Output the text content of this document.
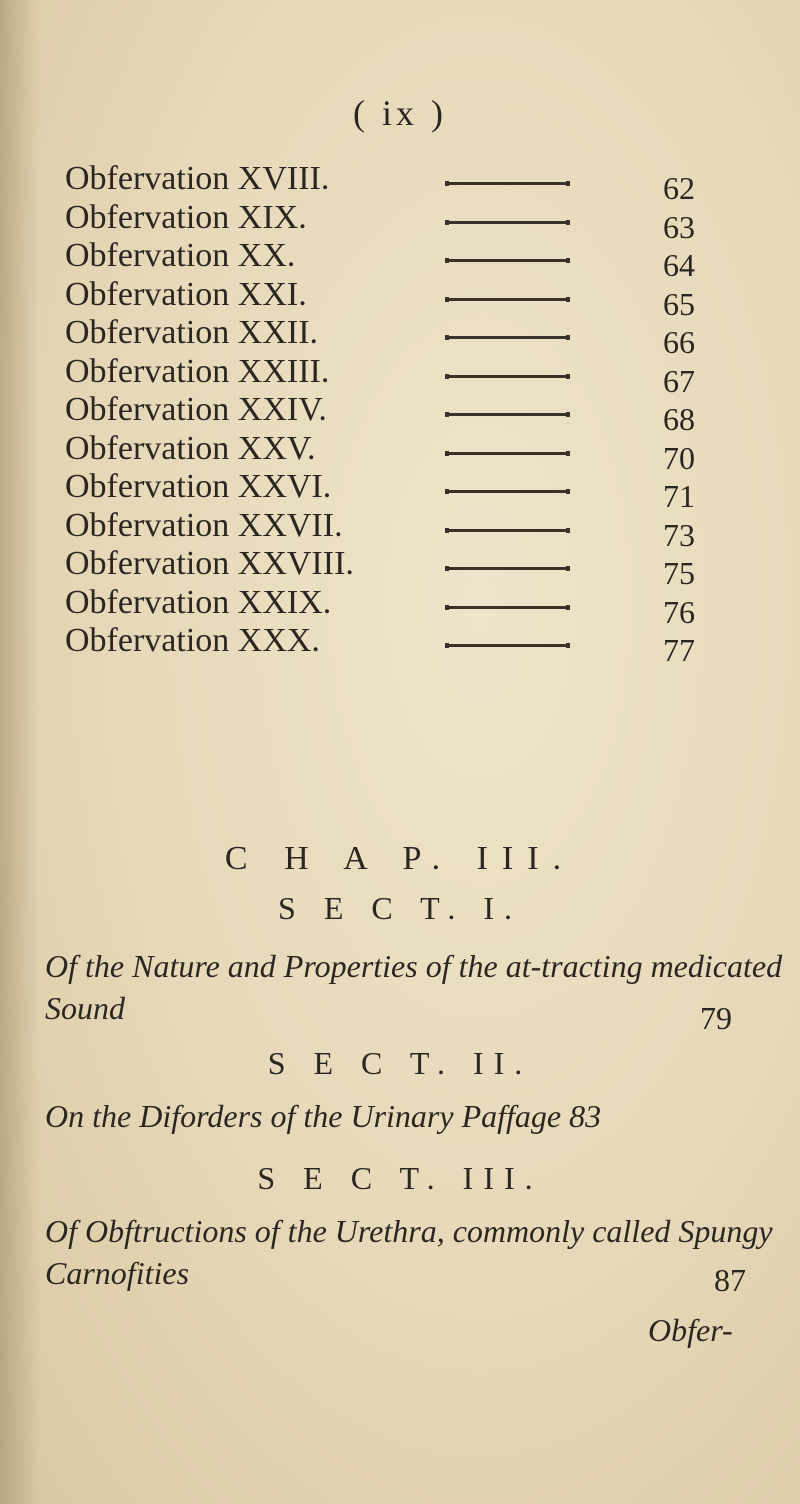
( ix )
Obfervation XVIII.	62
Obfervation XIX.	63
Obfervation XX.	64
Obfervation XXI.	65
Obfervation XXII.	66
Obfervation XXIII.	67
Obfervation XXIV.	68
Obfervation XXV.	70
Obfervation XXVI.	71
Obfervation XXVII.	73
Obfervation XXVIII.	75
Obfervation XXIX.	76
Obfervation XXX.	77
C H A P. III.
S E C T. I.
Of the Nature and Properties of the at-tracting medicated Sound	79
S E C T. II.
On the Diforders of the Urinary Paffage 83
S E C T. III.
Of Obftructions of the Urethra, commonly called Spungy Carnofities	87
Obfer-
